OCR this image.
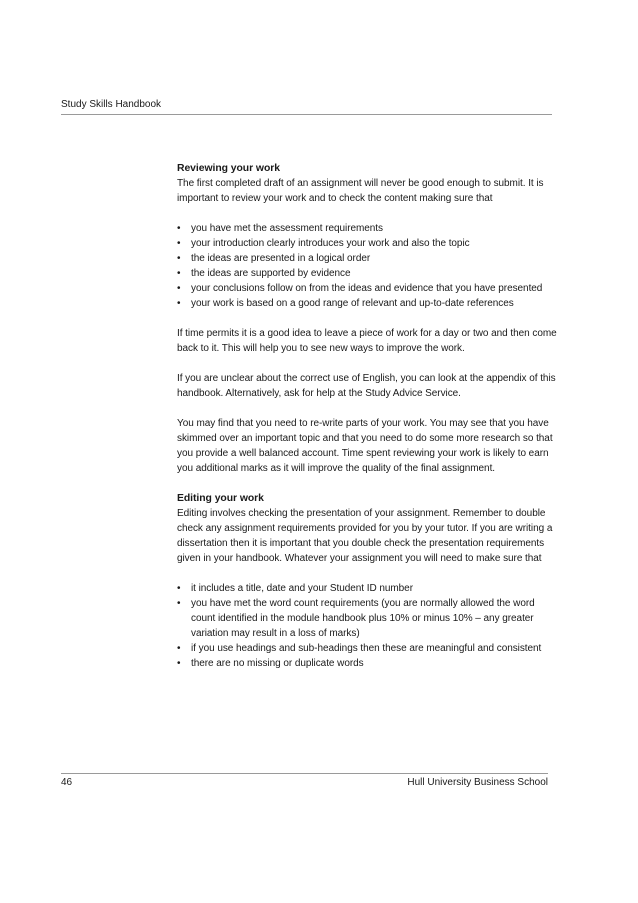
Study Skills Handbook

Reviewing your work

The first completed draft of an assignment will never be good enough to submit. It is important to review your work and to check the content making sure that

• you have met the assessment requirements
• your introduction clearly introduces your work and also the topic
• the ideas are presented in a logical order
• the ideas are supported by evidence
• your conclusions follow on from the ideas and evidence that you have presented
• your work is based on a good range of relevant and up-to-date references

If time permits it is a good idea to leave a piece of work for a day or two and then come back to it. This will help you to see new ways to improve the work.

If you are unclear about the correct use of English, you can look at the appendix of this handbook. Alternatively, ask for help at the Study Advice Service.

You may find that you need to re-write parts of your work. You may see that you have skimmed over an important topic and that you need to do some more research so that you provide a well balanced account. Time spent reviewing your work is likely to earn you additional marks as it will improve the quality of the final assignment.

Editing your work

Editing involves checking the presentation of your assignment. Remember to double check any assignment requirements provided for you by your tutor. If you are writing a dissertation then it is important that you double check the presentation requirements given in your handbook. Whatever your assignment you will need to make sure that

• it includes a title, date and your Student ID number
• you have met the word count requirements (you are normally allowed the word count identified in the module handbook plus 10% or minus 10% – any greater variation may result in a loss of marks)
• if you use headings and sub-headings then these are meaningful and consistent
• there are no missing or duplicate words
46	Hull University Business School
